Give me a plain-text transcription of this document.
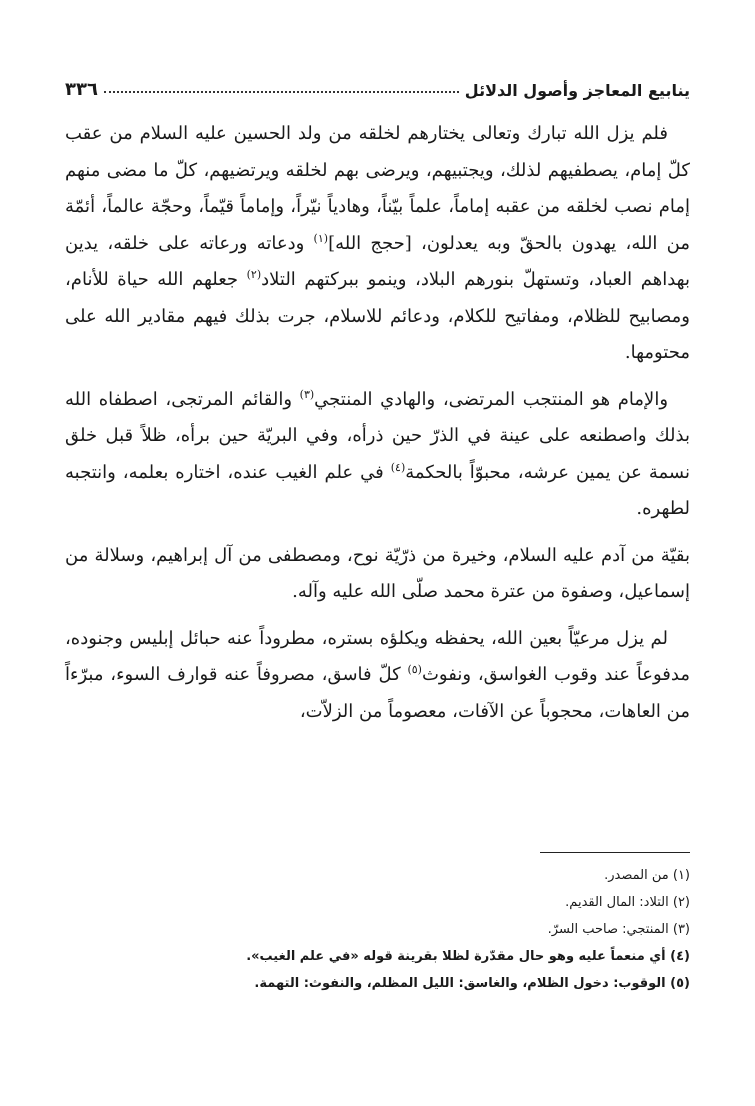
ينابيع المعاجز وأصول الدلائل
٣٣٦

فلم يزل الله تبارك وتعالى يختارهم لخلقه من ولد الحسين عليه السلام من عقب كلّ إمام، يصطفيهم لذلك، ويجتبيهم، ويرضى بهم لخلقه ويرتضيهم، كلّ ما مضى منهم إمام نصب لخلقه من عقبه إماماً، علماً بيّناً، وهادياً نيّراً، وإماماً قيّماً، وحجّة عالماً، أئمّة من الله، يهدون بالحقّ وبه يعدلون، [حجج الله]$^{(١)}$ ودعاته ورعاته على خلقه، يدين بهداهم العباد، وتستهلّ بنورهم البلاد، وينمو ببركتهم التلاد$^{(٢)}$ جعلهم الله حياة للأنام، ومصابيح للظلام، ومفاتيح للكلام، ودعائم للاسلام، جرت بذلك فيهم مقادير الله على محتومها.

والإمام هو المنتجب المرتضى، والهادي المنتجي$^{(٣)}$ والقائم المرتجى، اصطفاه الله بذلك واصطنعه على عينة في الذرّ حين ذرأه، وفي البريّة حين برأه، ظلاً قبل خلق نسمة عن يمين عرشه، محبوّاً بالحكمة$^{(٤)}$ في علم الغيب عنده، اختاره بعلمه، وانتجبه لطهره.

بقيّة من آدم عليه السلام، وخيرة من ذرّيّة نوح، ومصطفى من آل إبراهيم، وسلالة من إسماعيل، وصفوة من عترة محمد صلّى الله عليه وآله.

لم يزل مرعيّاً بعين الله، يحفظه ويكلؤه بستره، مطروداً عنه حبائل إبليس وجنوده، مدفوعاً عند وقوب الغواسق، ونفوث$^{(٥)}$ كلّ فاسق، مصروفاً عنه قوارف السوء، مبرّءاً من العاهات، محجوباً عن الآفات، معصوماً من الزلاّت،

(١) من المصدر.
(٢) التلاد: المال القديم.
(٣) المنتجي: صاحب السرّ.
(٤) أي منعماً عليه وهو حال مقدّرة لظلا بقرينة قوله «في علم الغيب».
(٥) الوقوب: دخول الظلام، والغاسق: الليل المظلم، والنفوث: التهمة.
